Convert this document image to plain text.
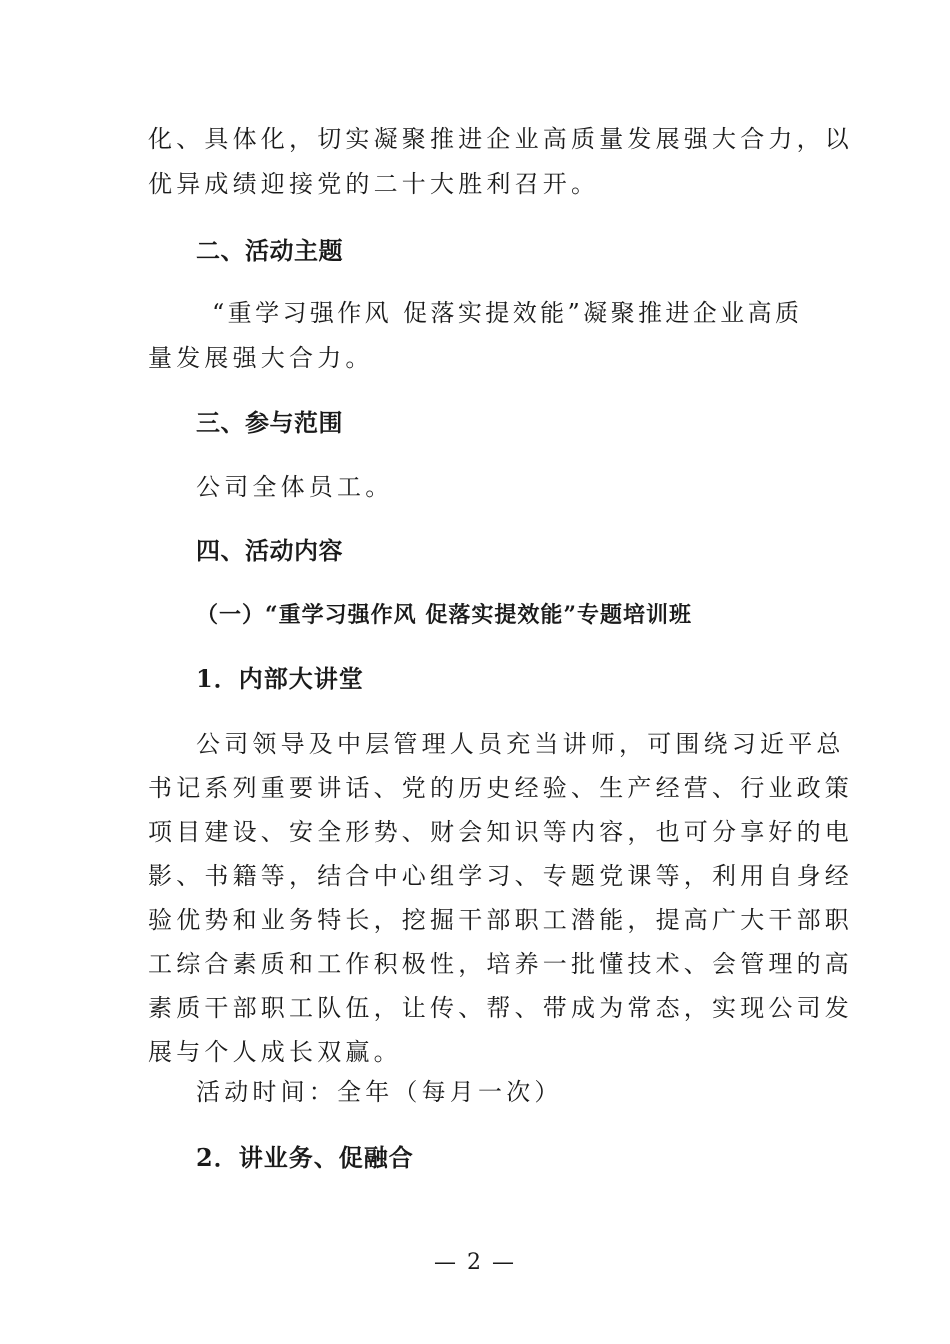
化、具体化，切实凝聚推进企业高质量发展强大合力，以
优异成绩迎接党的二十大胜利召开。
二、活动主题
“重学习强作风 促落实提效能”凝聚推进企业高质
量发展强大合力。
三、参与范围
公司全体员工。
四、活动内容
（一）“重学习强作风 促落实提效能”专题培训班
1．内部大讲堂
公司领导及中层管理人员充当讲师，可围绕习近平总
书记系列重要讲话、党的历史经验、生产经营、行业政策
项目建设、安全形势、财会知识等内容，也可分享好的电
影、书籍等，结合中心组学习、专题党课等，利用自身经
验优势和业务特长，挖掘干部职工潜能，提高广大干部职
工综合素质和工作积极性，培养一批懂技术、会管理的高
素质干部职工队伍，让传、帮、带成为常态，实现公司发
展与个人成长双赢。
活动时间：全年（每月一次）
2．讲业务、促融合
— 2 —
